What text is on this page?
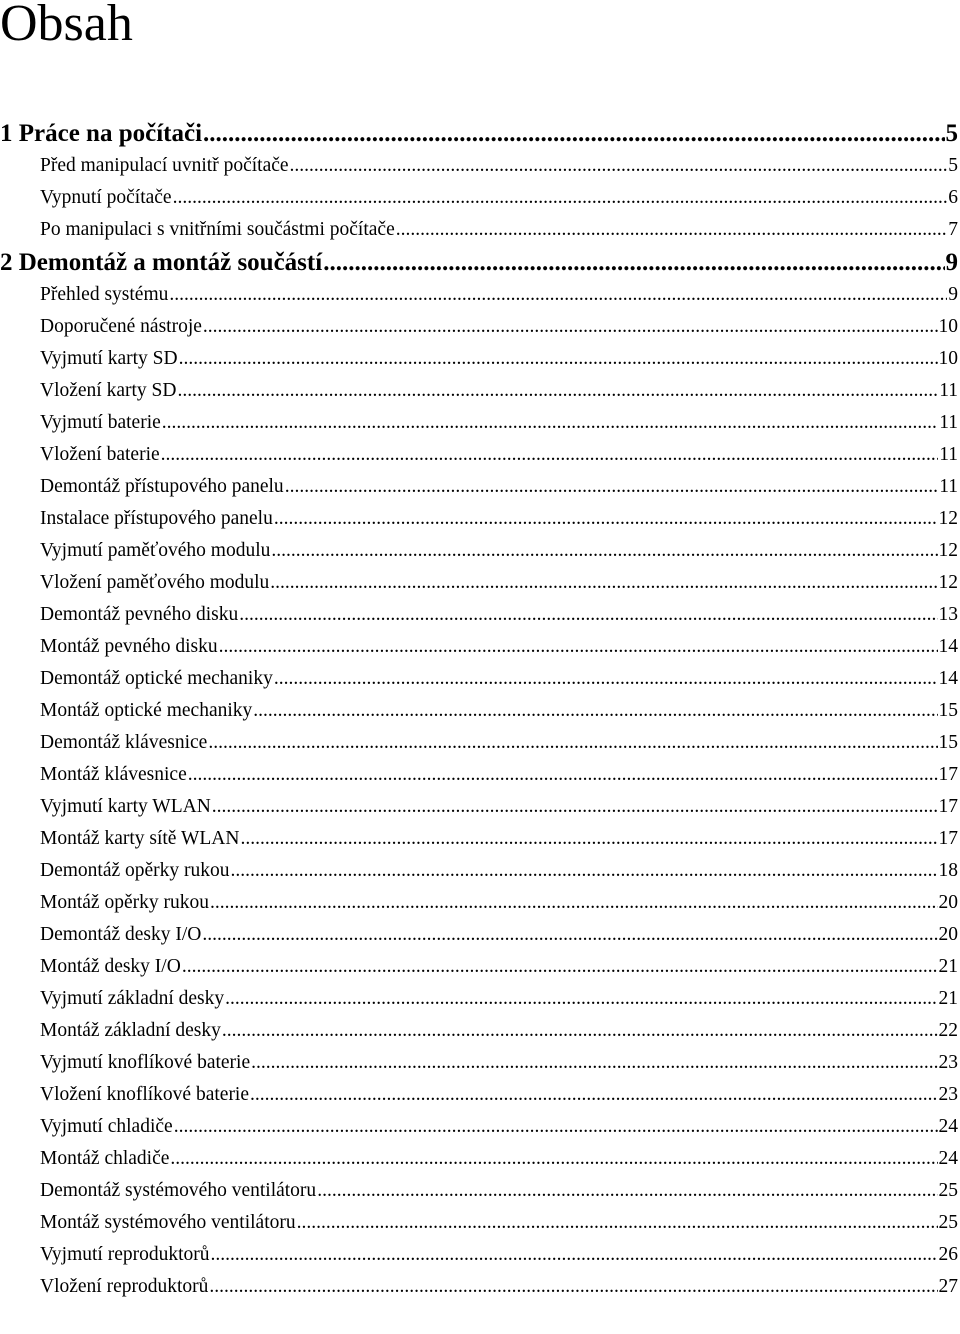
Obsah
1 Práce na počítači .....	5
Před manipulací uvnitř počítače .....	5
Vypnutí počítače .....	6
Po manipulaci s vnitřními součástmi počítače .....	7
2 Demontáž a montáž součástí .....	9
Přehled systému .....	9
Doporučené nástroje .....	10
Vyjmutí karty SD .....	10
Vložení karty SD .....	11
Vyjmutí baterie .....	11
Vložení baterie .....	11
Demontáž přístupového panelu .....	11
Instalace přístupového panelu .....	12
Vyjmutí paměťového modulu .....	12
Vložení paměťového modulu .....	12
Demontáž pevného disku .....	13
Montáž pevného disku .....	14
Demontáž optické mechaniky .....	14
Montáž optické mechaniky .....	15
Demontáž klávesnice .....	15
Montáž klávesnice .....	17
Vyjmutí karty WLAN .....	17
Montáž karty sítě WLAN .....	17
Demontáž opěrky rukou .....	18
Montáž opěrky rukou .....	20
Demontáž desky I/O .....	20
Montáž desky I/O .....	21
Vyjmutí základní desky .....	21
Montáž základní desky .....	22
Vyjmutí knoflíkové baterie .....	23
Vložení knoflíkové baterie .....	23
Vyjmutí chladiče .....	24
Montáž chladiče .....	24
Demontáž systémového ventilátoru .....	25
Montáž systémového ventilátoru .....	25
Vyjmutí reproduktorů .....	26
Vložení reproduktorů .....	27
